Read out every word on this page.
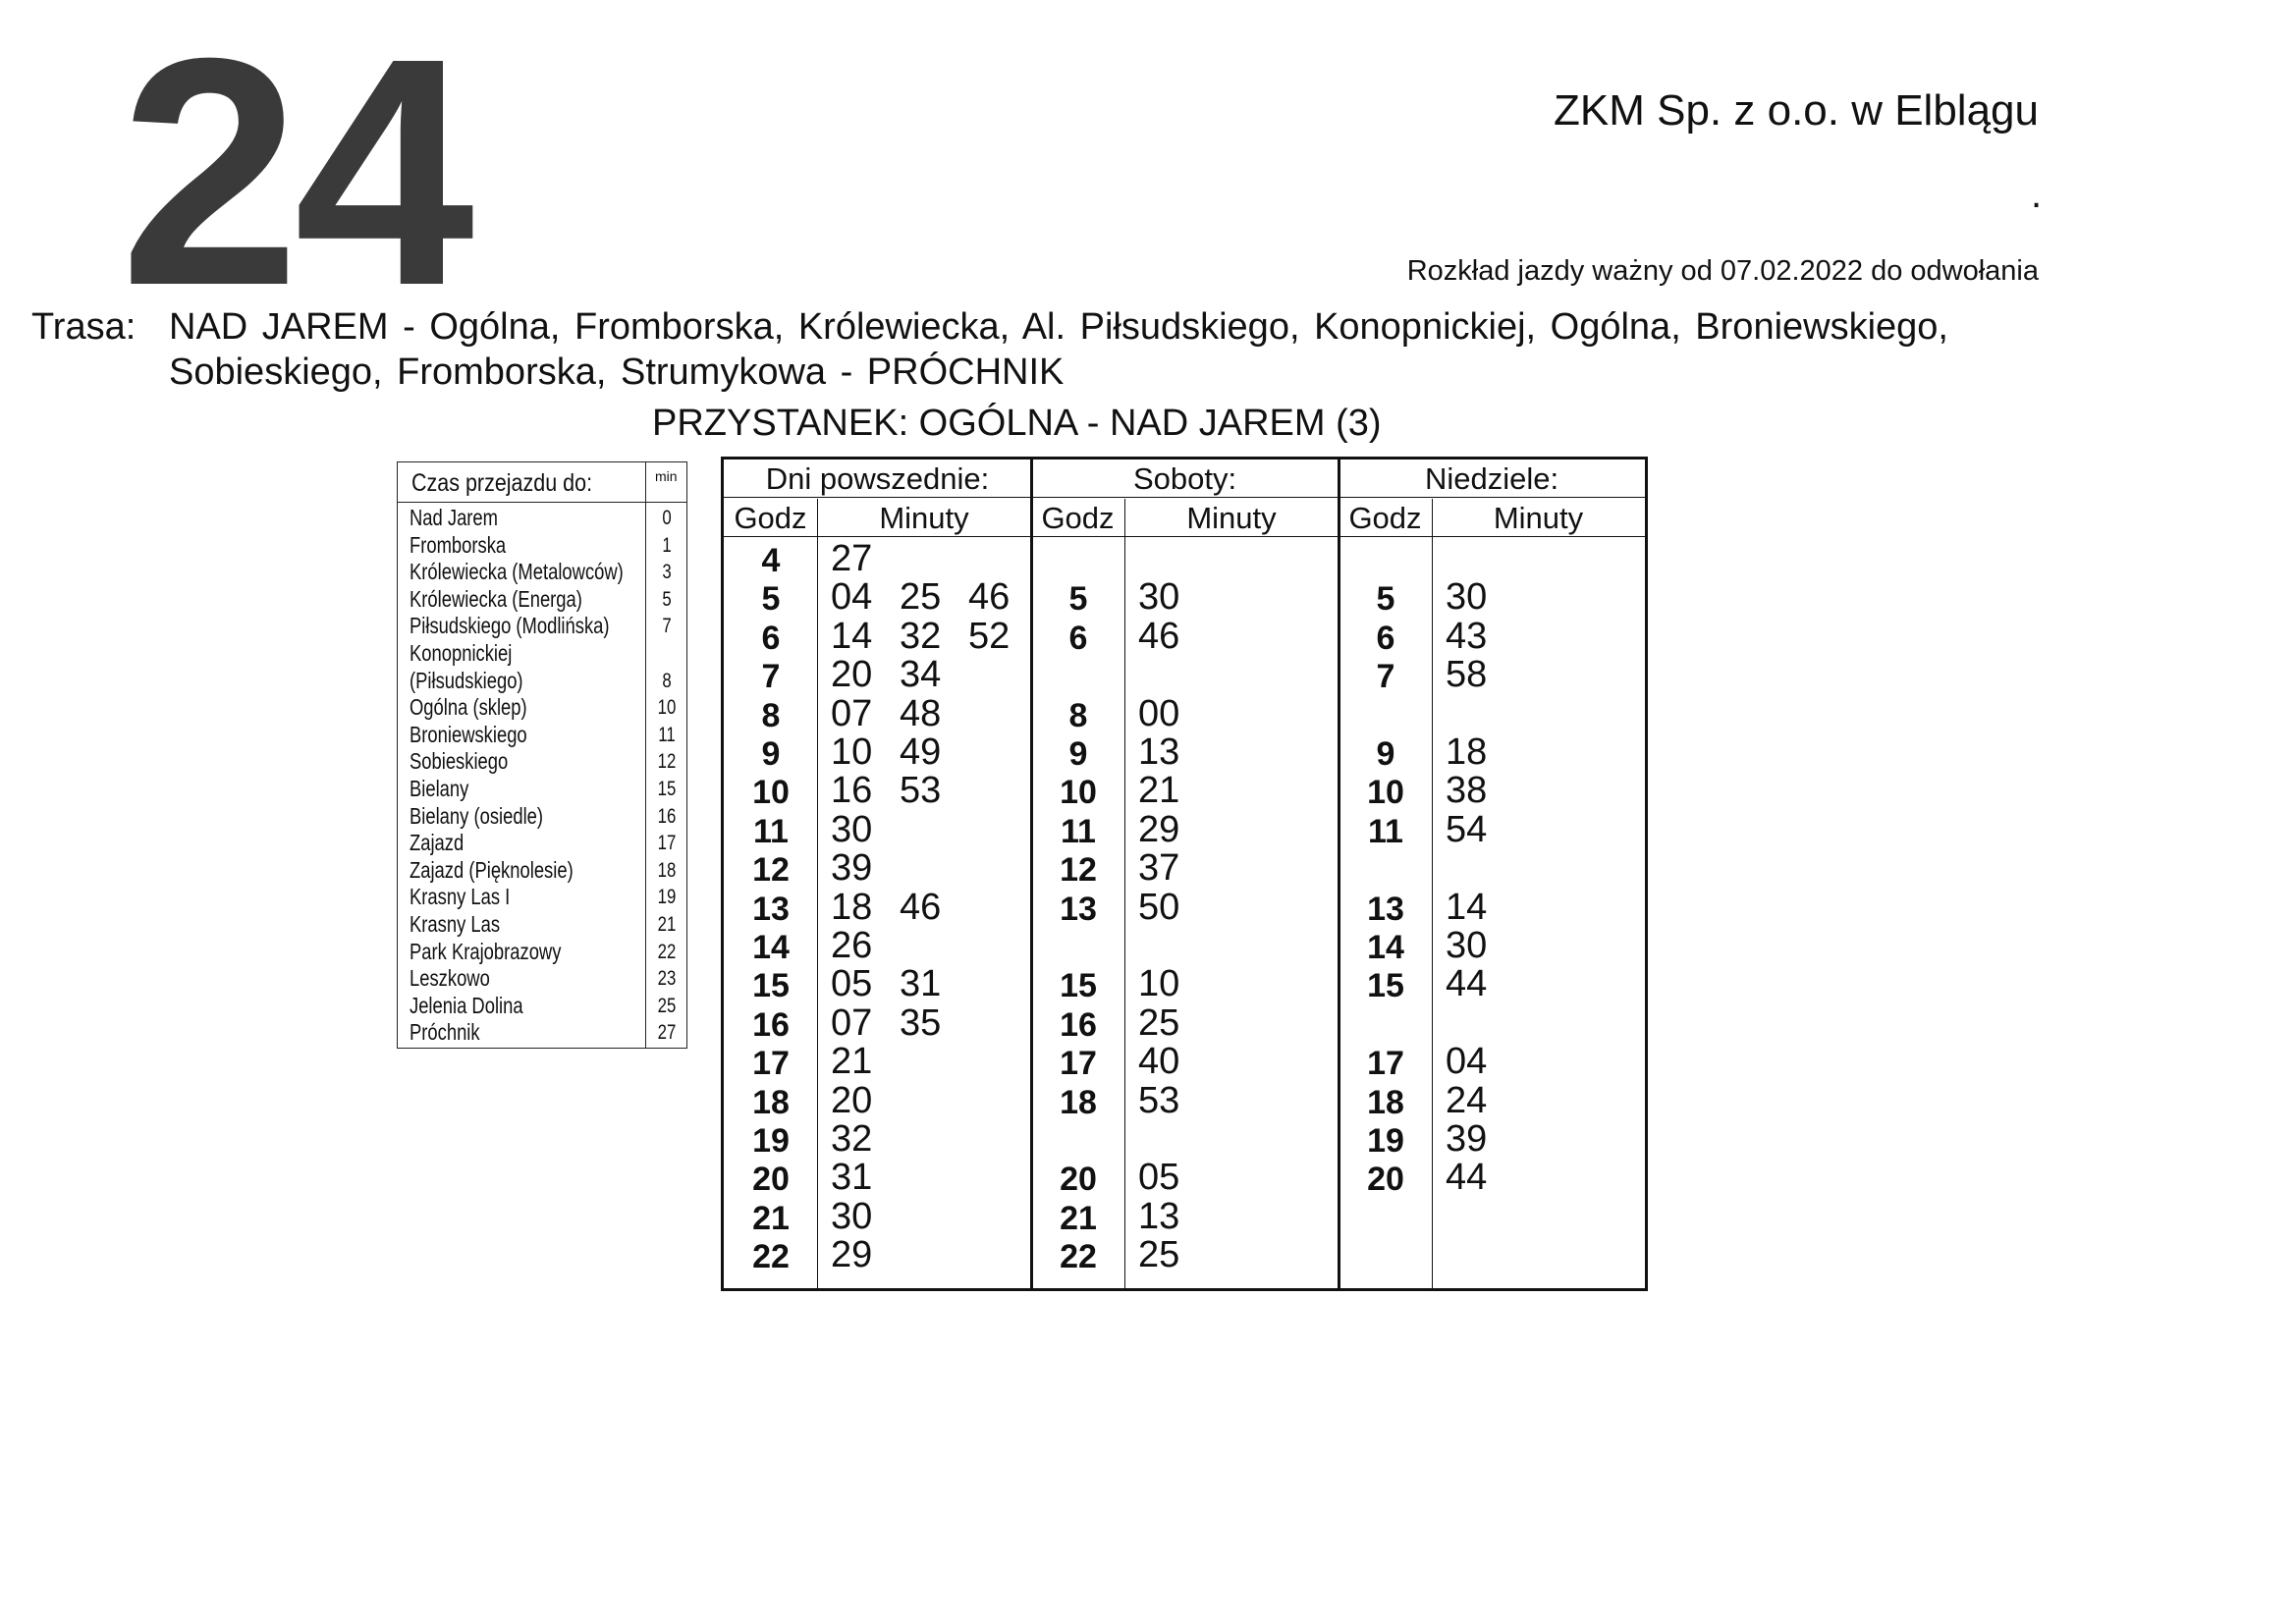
24	ZKM Sp. z o.o. w Elblągu
.
Rozkład jazdy ważny od 07.02.2022 do odwołania
Trasa: NAD JAREM - Ogólna, Fromborska, Królewiecka, Al. Piłsudskiego, Konopnickiej, Ogólna, Broniewskiego,
Sobieskiego, Fromborska, Strumykowa - PRÓCHNIK
PRZYSTANEK: OGÓLNA - NAD JAREM (3)
Czas przejazdu do:	min
Nad Jarem	0
Fromborska	1
Królewiecka (Metalowców)	3
Królewiecka (Energa)	5
Piłsudskiego (Modlińska)	7
Konopnickiej
(Piłsudskiego)	8
Ogólna (sklep)	10
Broniewskiego	11
Sobieskiego	12
Bielany	15
Bielany (osiedle)	16
Zajazd	17
Zajazd (Pięknolesie)	18
Krasny Las I	19
Krasny Las	21
Park Krajobrazowy	22
Leszkowo	23
Jelenia Dolina	25
Próchnik	27
Dni powszednie:
Godz	Minuty
4	27
5	04 25 46
6	14 32 52
7	20 34
8	07 48
9	10 49
10	16 53
11	30
12	39
13	18 46
14	26
15	05 31
16	07 35
17	21
18	20
19	32
20	31
21	30
22	29
Soboty:
Godz	Minuty
5	30
6	46
8	00
9	13
10	21
11	29
12	37
13	50
15	10
16	25
17	40
18	53
20	05
21	13
22	25
Niedziele:
Godz	Minuty
5	30
6	43
7	58
9	18
10	38
11	54
13	14
14	30
15	44
17	04
18	24
19	39
20	44
